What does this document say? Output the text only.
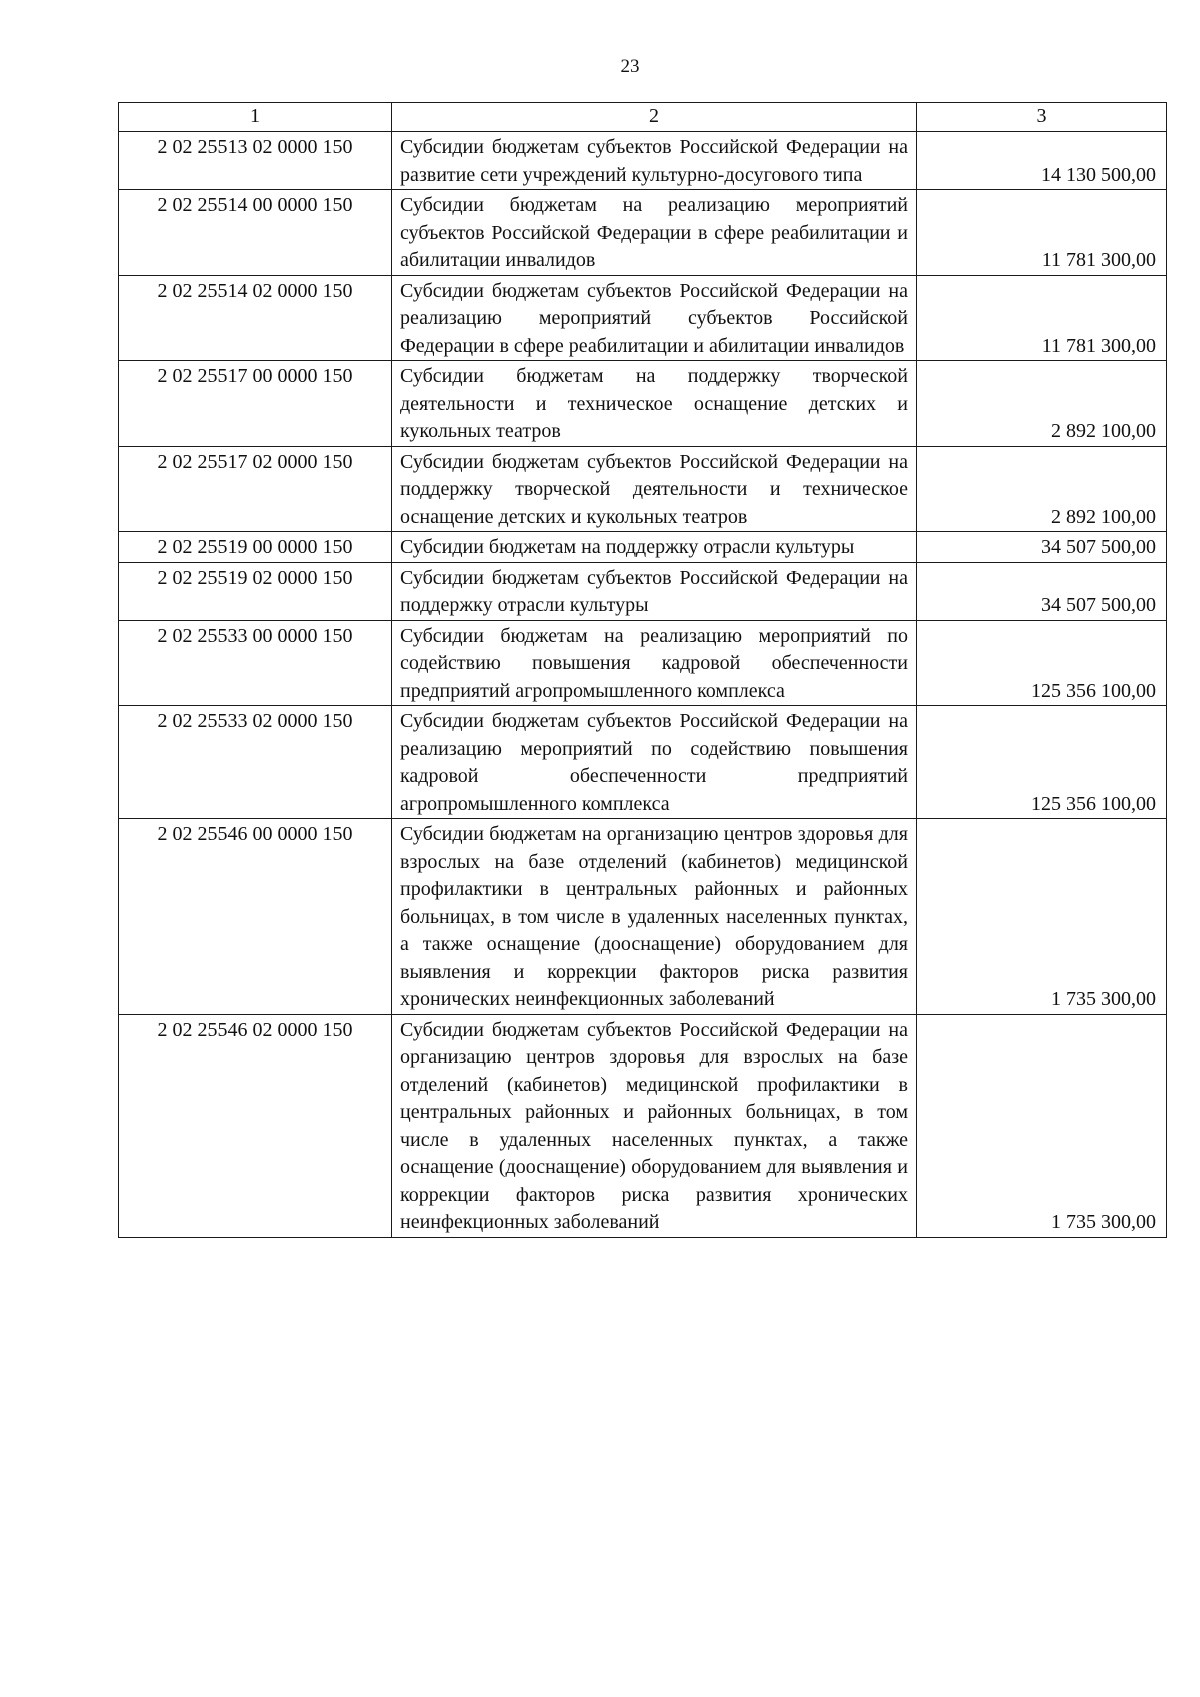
23
1	2	3
2 02 25513 02 0000 150	Субсидии бюджетам субъектов Российской Федерации на развитие сети учреждений культурно-досугового типа	14 130 500,00
2 02 25514 00 0000 150	Субсидии бюджетам на реализацию мероприятий субъектов Российской Федерации в сфере реабилитации и абилитации инвалидов	11 781 300,00
2 02 25514 02 0000 150	Субсидии бюджетам субъектов Российской Федерации на реализацию мероприятий субъектов Российской Федерации в сфере реабилитации и абилитации инвалидов	11 781 300,00
2 02 25517 00 0000 150	Субсидии бюджетам на поддержку творческой деятельности и техническое оснащение детских и кукольных театров	2 892 100,00
2 02 25517 02 0000 150	Субсидии бюджетам субъектов Российской Федерации на поддержку творческой деятельности и техническое оснащение детских и кукольных театров	2 892 100,00
2 02 25519 00 0000 150	Субсидии бюджетам на поддержку отрасли культуры	34 507 500,00
2 02 25519 02 0000 150	Субсидии бюджетам субъектов Российской Федерации на поддержку отрасли культуры	34 507 500,00
2 02 25533 00 0000 150	Субсидии бюджетам на реализацию мероприятий по содействию повышения кадровой обеспеченности предприятий агропромышленного комплекса	125 356 100,00
2 02 25533 02 0000 150	Субсидии бюджетам субъектов Российской Федерации на реализацию мероприятий по содействию повышения кадровой обеспеченности предприятий агропромышленного комплекса	125 356 100,00
2 02 25546 00 0000 150	Субсидии бюджетам на организацию центров здоровья для взрослых на базе отделений (кабинетов) медицинской профилактики в центральных районных и районных больницах, в том числе в удаленных населенных пунктах, а также оснащение (дооснащение) оборудованием для выявления и коррекции факторов риска развития хронических неинфекционных заболеваний	1 735 300,00
2 02 25546 02 0000 150	Субсидии бюджетам субъектов Российской Федерации на организацию центров здоровья для взрослых на базе отделений (кабинетов) медицинской профилактики в центральных районных и районных больницах, в том числе в удаленных населенных пунктах, а также оснащение (дооснащение) оборудованием для выявления и коррекции факторов риска развития хронических неинфекционных заболеваний	1 735 300,00
